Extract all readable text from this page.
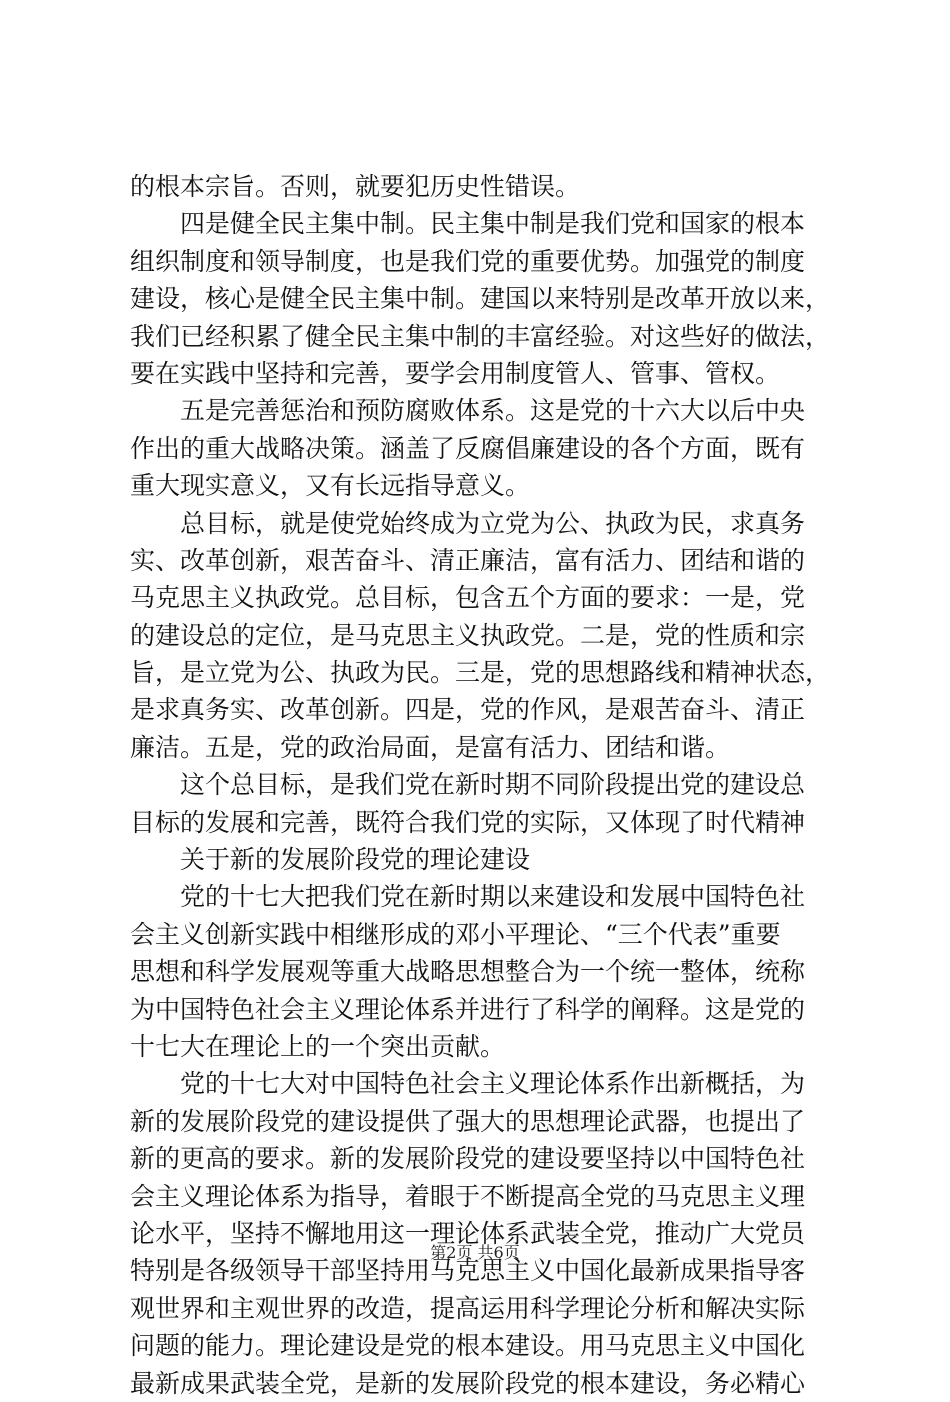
的根本宗旨。否则，就要犯历史性错误。
　　四是健全民主集中制。民主集中制是我们党和国家的根本
组织制度和领导制度，也是我们党的重要优势。加强党的制度
建设，核心是健全民主集中制。建国以来特别是改革开放以来，
我们已经积累了健全民主集中制的丰富经验。对这些好的做法，
要在实践中坚持和完善，要学会用制度管人、管事、管权。
　　五是完善惩治和预防腐败体系。这是党的十六大以后中央
作出的重大战略决策。涵盖了反腐倡廉建设的各个方面，既有
重大现实意义，又有长远指导意义。
　　总目标，就是使党始终成为立党为公、执政为民，求真务
实、改革创新，艰苦奋斗、清正廉洁，富有活力、团结和谐的
马克思主义执政党。总目标，包含五个方面的要求：一是，党
的建设总的定位，是马克思主义执政党。二是，党的性质和宗
旨，是立党为公、执政为民。三是，党的思想路线和精神状态，
是求真务实、改革创新。四是，党的作风，是艰苦奋斗、清正
廉洁。五是，党的政治局面，是富有活力、团结和谐。
　　这个总目标，是我们党在新时期不同阶段提出党的建设总
目标的发展和完善，既符合我们党的实际，又体现了时代精神
　　关于新的发展阶段党的理论建设
　　党的十七大把我们党在新时期以来建设和发展中国特色社
会主义创新实践中相继形成的邓小平理论、“三个代表”重要
思想和科学发展观等重大战略思想整合为一个统一整体，统称
为中国特色社会主义理论体系并进行了科学的阐释。这是党的
十七大在理论上的一个突出贡献。
　　党的十七大对中国特色社会主义理论体系作出新概括，为
新的发展阶段党的建设提供了强大的思想理论武器，也提出了
新的更高的要求。新的发展阶段党的建设要坚持以中国特色社
会主义理论体系为指导，着眼于不断提高全党的马克思主义理
论水平，坚持不懈地用这一理论体系武装全党，推动广大党员
特别是各级领导干部坚持用马克思主义中国化最新成果指导客
观世界和主观世界的改造，提高运用科学理论分析和解决实际
问题的能力。理论建设是党的根本建设。用马克思主义中国化
最新成果武装全党，是新的发展阶段党的根本建设，务必精心
第2页 共6页
